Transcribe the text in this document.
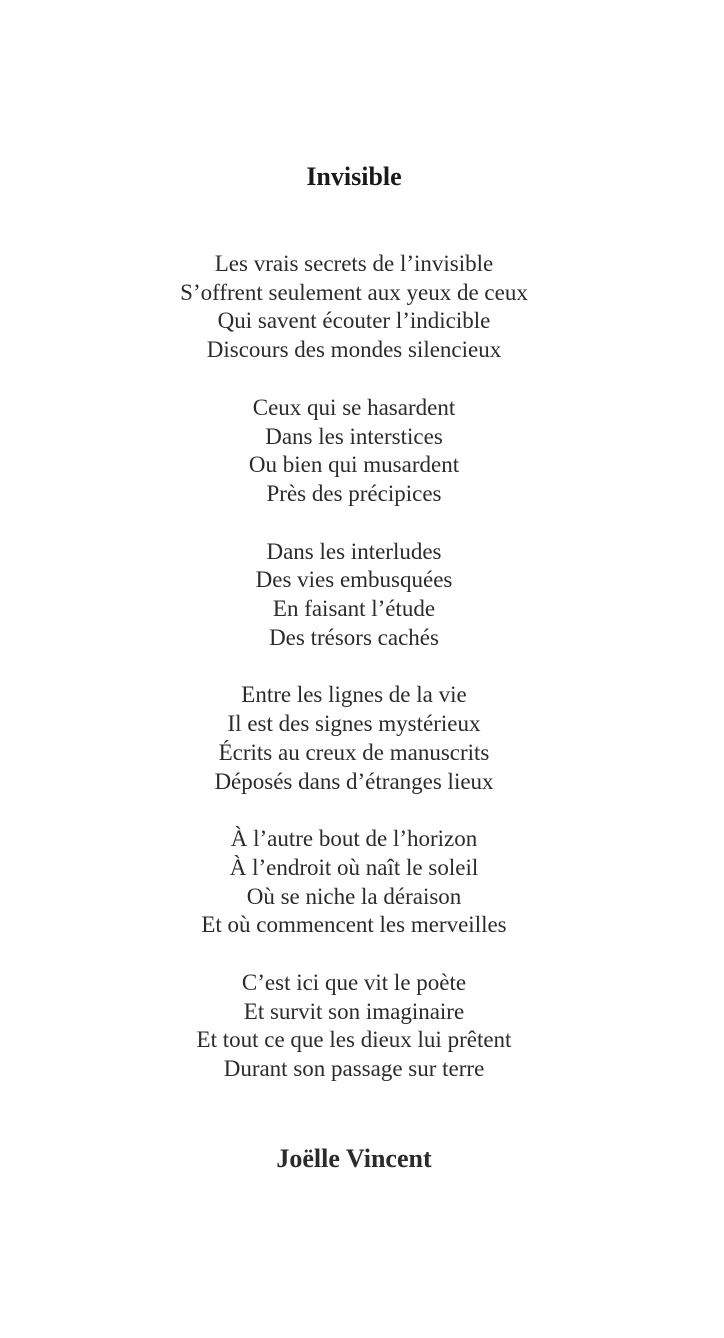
Invisible
Les vrais secrets de l’invisible
S’offrent seulement aux yeux de ceux
Qui savent écouter l’indicible
Discours des mondes silencieux
Ceux qui se hasardent
Dans les interstices
Ou bien qui musardent
Près des précipices
Dans les interludes
Des vies embusquées
En faisant l’étude
Des trésors cachés
Entre les lignes de la vie
Il est des signes mystérieux
Écrits au creux de manuscrits
Déposés dans d’étranges lieux
À l’autre bout de l’horizon
À l’endroit où naît le soleil
Où se niche la déraison
Et où commencent les merveilles
C’est ici que vit le poète
Et survit son imaginaire
Et tout ce que les dieux lui prêtent
Durant son passage sur terre
Joëlle Vincent
